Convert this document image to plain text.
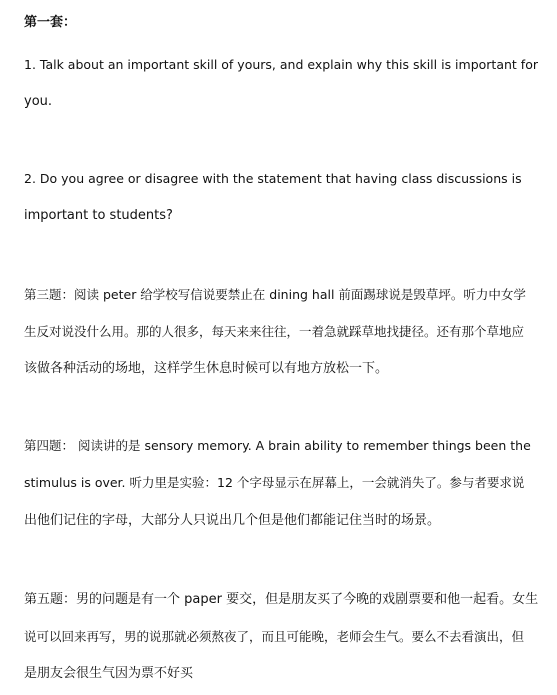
第一套：
1. Talk about an important skill of yours, and explain why this skill is important for
you.
2. Do you agree or disagree with the statement that having class discussions is
important to students?
第三题：阅读 peter 给学校写信说要禁止在 dining hall 前面踢球说是毁草坪。听力中女学
生反对说没什么用。那的人很多，每天来来往往，一着急就踩草地找捷径。还有那个草地应
该做各种活动的场地，这样学生休息时候可以有地方放松一下。
第四题： 阅读讲的是 sensory memory. A brain ability to remember things been the
stimulus is over. 听力里是实验：12 个字母显示在屏幕上，一会就消失了。参与者要求说
出他们记住的字母，大部分人只说出几个但是他们都能记住当时的场景。
第五题：男的问题是有一个 paper 要交，但是朋友买了今晚的戏剧票要和他一起看。女生
说可以回来再写，男的说那就必须熬夜了，而且可能晚，老师会生气。要么不去看演出，但
是朋友会很生气因为票不好买
